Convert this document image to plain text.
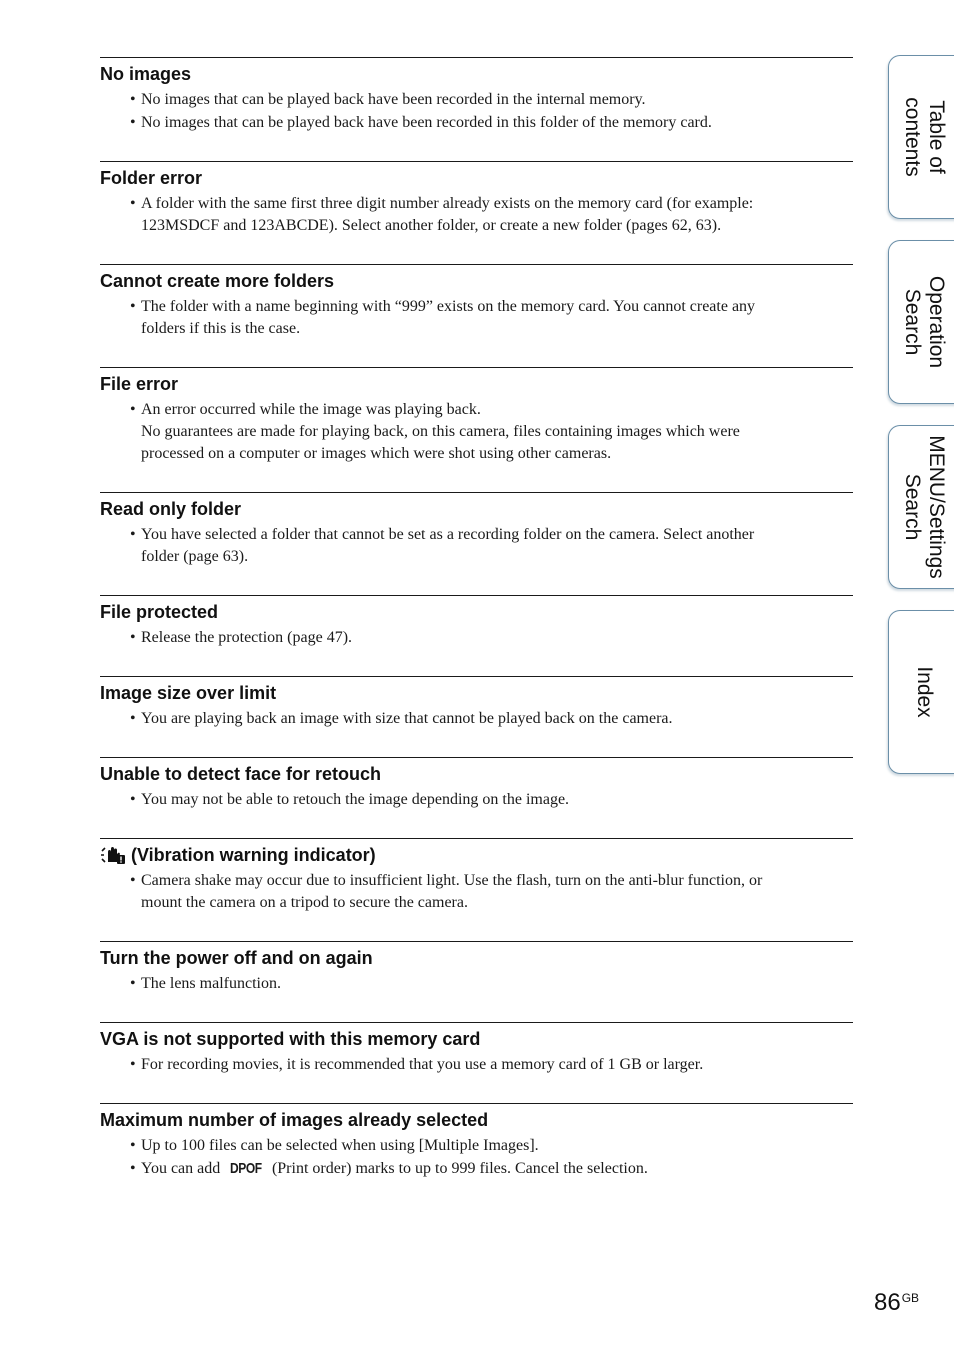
No images
• No images that can be played back have been recorded in the internal memory.
• No images that can be played back have been recorded in this folder of the memory card.
Folder error
• A folder with the same first three digit number already exists on the memory card (for example:
123MSDCF and 123ABCDE). Select another folder, or create a new folder (pages 62, 63).
Cannot create more folders
• The folder with a name beginning with “999” exists on the memory card. You cannot create any
folders if this is the case.
File error
• An error occurred while the image was playing back.
No guarantees are made for playing back, on this camera, files containing images which were
processed on a computer or images which were shot using other cameras.
Read only folder
• You have selected a folder that cannot be set as a recording folder on the camera. Select another
folder (page 63).
File protected
• Release the protection (page 47).
Image size over limit
• You are playing back an image with size that cannot be played back on the camera.
Unable to detect face for retouch
• You may not be able to retouch the image depending on the image.
(Vibration warning indicator)
• Camera shake may occur due to insufficient light. Use the flash, turn on the anti-blur function, or
mount the camera on a tripod to secure the camera.
Turn the power off and on again
• The lens malfunction.
VGA is not supported with this memory card
• For recording movies, it is recommended that you use a memory card of 1 GB or larger.
Maximum number of images already selected
• Up to 100 files can be selected when using [Multiple Images].
• You can add DPOF (Print order) marks to up to 999 files. Cancel the selection.
Table of
contents
Operation
Search
MENU/Settings
Search
Index
$86^{GB}$
